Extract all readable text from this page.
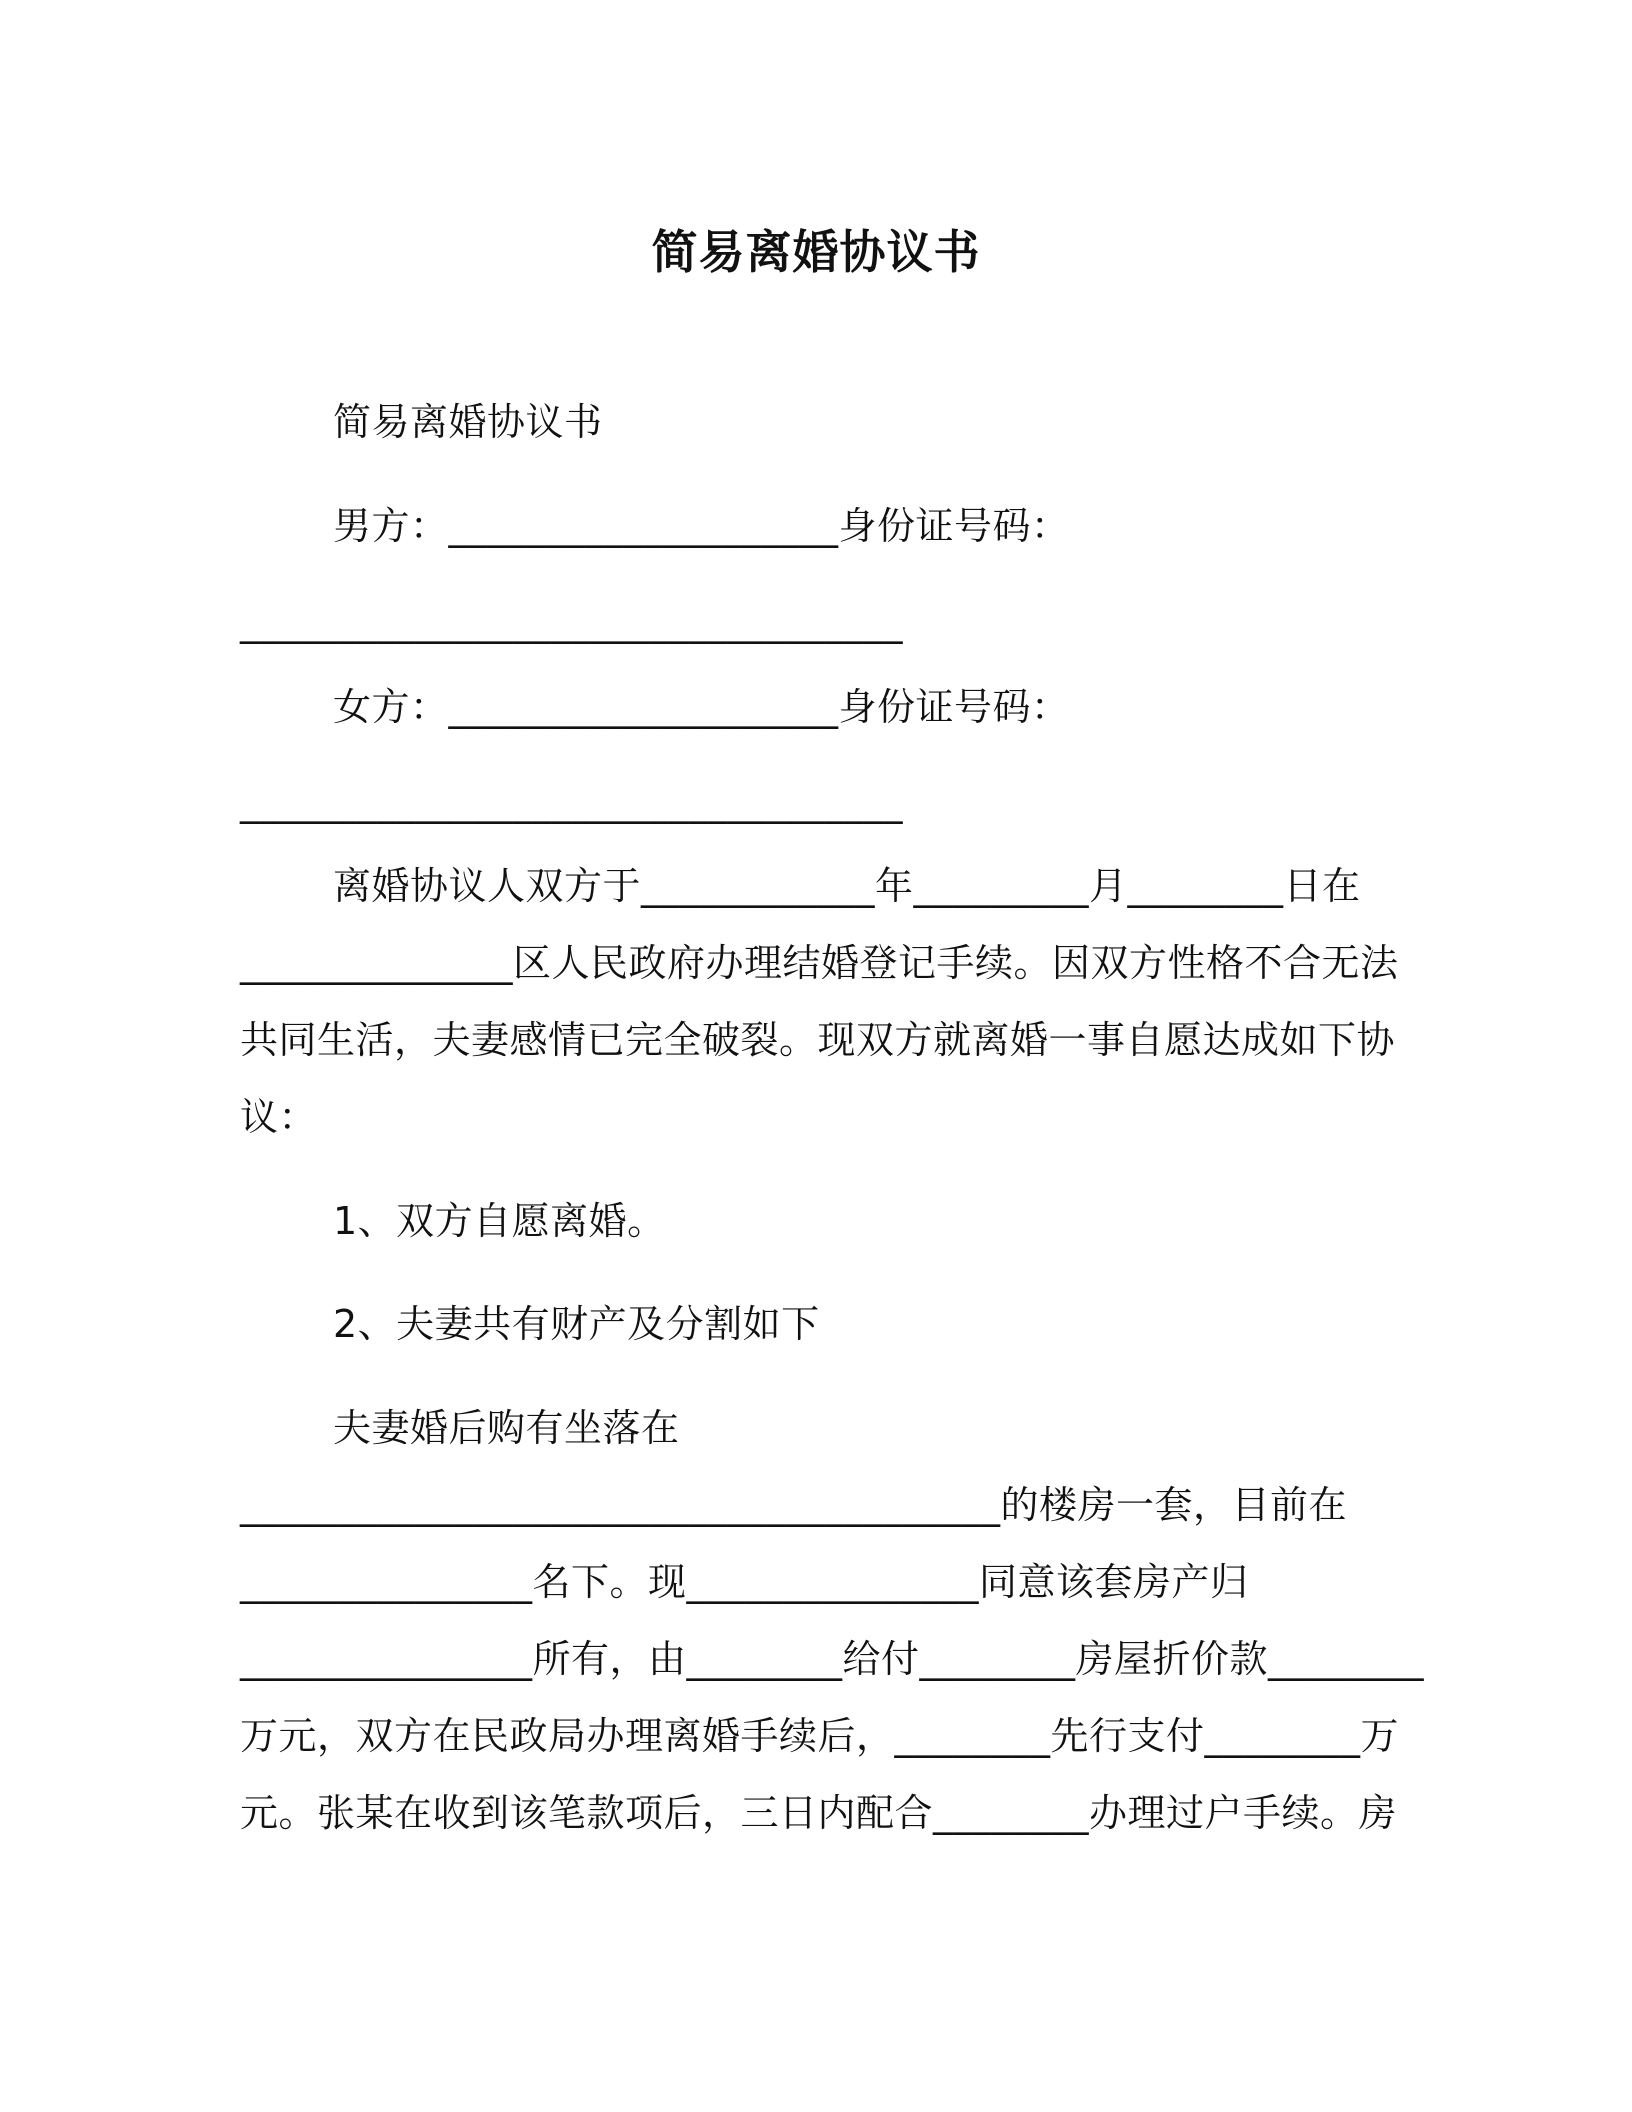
简易离婚协议书
简易离婚协议书
男方：____________________身份证号码：
__________________________________
女方：____________________身份证号码：
__________________________________
离婚协议人双方于____________年_________月________日在
______________区人民政府办理结婚登记手续。因双方性格不合无法
共同生活，夫妻感情已完全破裂。现双方就离婚一事自愿达成如下协
议：
1、双方自愿离婚。
2、夫妻共有财产及分割如下
夫妻婚后购有坐落在
_______________________________________的楼房一套，目前在
_______________名下。现_______________同意该套房产归
_______________所有，由________给付________房屋折价款________
万元，双方在民政局办理离婚手续后，________先行支付________万
元。张某在收到该笔款项后，三日内配合________办理过户手续。房
